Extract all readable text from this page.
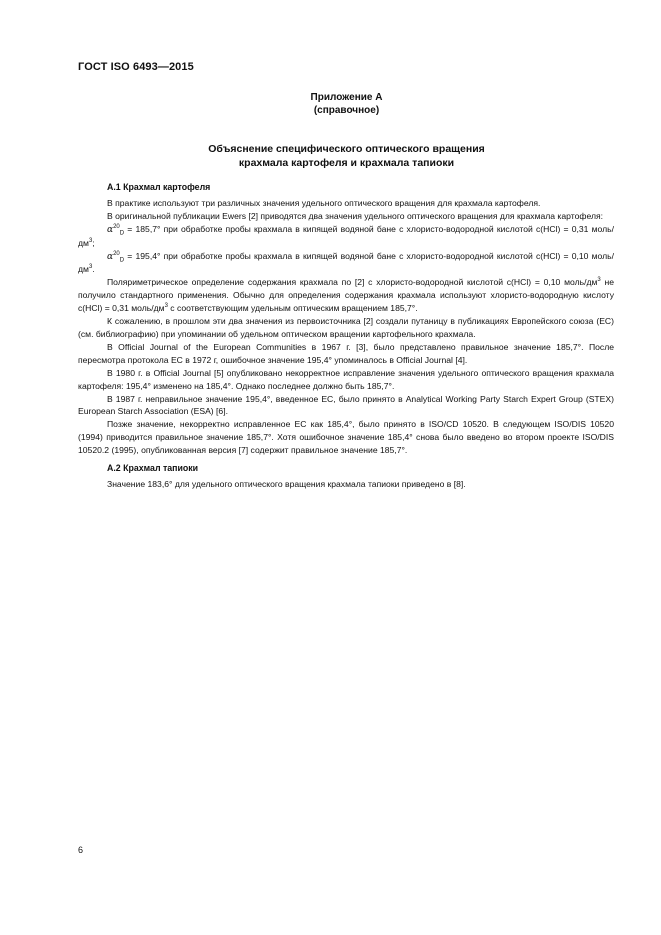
ГОСТ ISO 6493—2015
Приложение А
(справочное)
Объяснение специфического оптического вращения
крахмала картофеля и крахмала тапиоки

А.1 Крахмал картофеля

В практике используют три различных значения удельного оптического вращения для крахмала картофеля.

В оригинальной публикации Ewers [2] приводятся два значения удельного оптического вращения для крахмала картофеля:

$\alpha^{20}_D = 185,7^\circ$ при обработке пробы крахмала в кипящей водяной бане с хлористо-водородной кислотой c(HCl) = 0,31 моль/$дм^3$;

$\alpha^{20}_D = 195,4^\circ$ при обработке пробы крахмала в кипящей водяной бане с хлористо-водородной кислотой c(HCl) = 0,10 моль/$дм^3$.

Поляриметрическое определение содержания крахмала по [2] с хлористо-водородной кислотой c(HCl) = 0,10 моль/$дм^3$ не получило стандартного применения. Обычно для определения содержания крахмала используют хлористо-водородную кислоту c(HCl) = 0,31 моль/$дм^3$ с соответствующим удельным оптическим вращением 185,7°.

К сожалению, в прошлом эти два значения из первоисточника [2] создали путаницу в публикациях Европейского союза (ЕС) (см. библиографию) при упоминании об удельном оптическом вращении картофельного крахмала.

В Official Journal of the European Communities в 1967 г. [3], было представлено правильное значение 185,7°. После пересмотра протокола ЕС в 1972 г, ошибочное значение 195,4° упоминалось в Official Journal [4].

В 1980 г. в Official Journal [5] опубликовано некорректное исправление значения удельного оптического вращения крахмала картофеля: 195,4° изменено на 185,4°. Однако последнее должно быть 185,7°.

В 1987 г. неправильное значение 195,4°, введенное ЕС, было принято в Analytical Working Party Starch Expert Group (STEX) European Starch Association (ESA) [6].

Позже значение, некорректно исправленное ЕС как 185,4°, было принято в ISO/CD 10520. В следующем ISO/DIS 10520 (1994) приводится правильное значение 185,7°. Хотя ошибочное значение 185,4° снова было введено во втором проекте ISO/DIS 10520.2 (1995), опубликованная версия [7] содержит правильное значение 185,7°.

А.2 Крахмал тапиоки

Значение 183,6° для удельного оптического вращения крахмала тапиоки приведено в [8].

6
